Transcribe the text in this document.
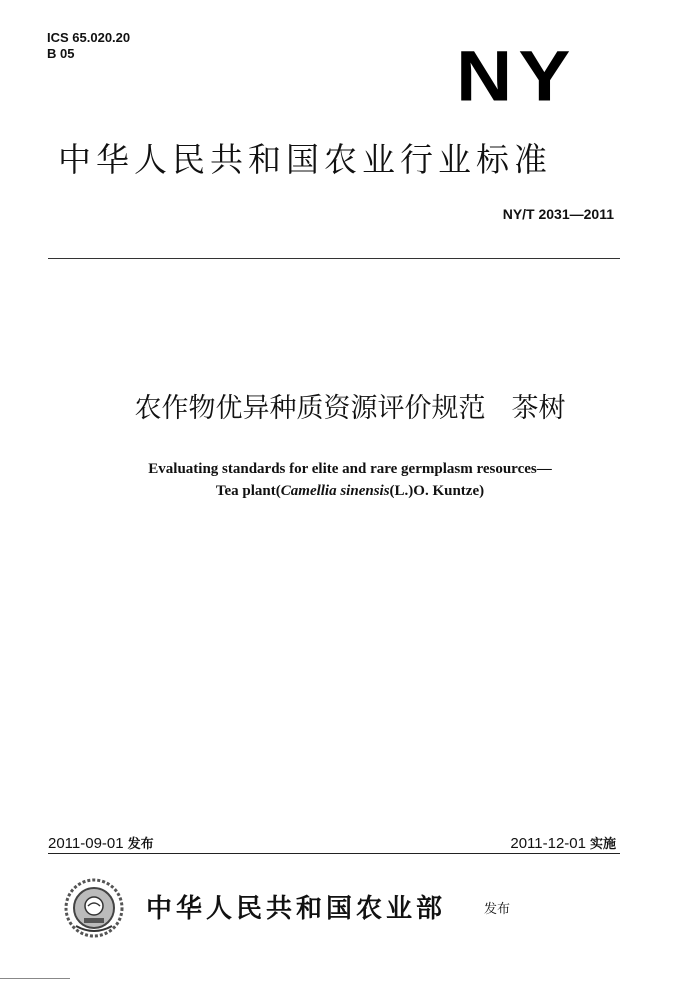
ICS 65.020.20
B 05	NY
中华人民共和国农业行业标准
NY/T 2031—2011
农作物优异种质资源评价规范 茶树
Evaluating standards for elite and rare germplasm resources—
Tea plant(Camellia sinensis(L.)O. Kuntze)
2011-09-01 发布	2011-12-01 实施
中华人民共和国农业部	发布
